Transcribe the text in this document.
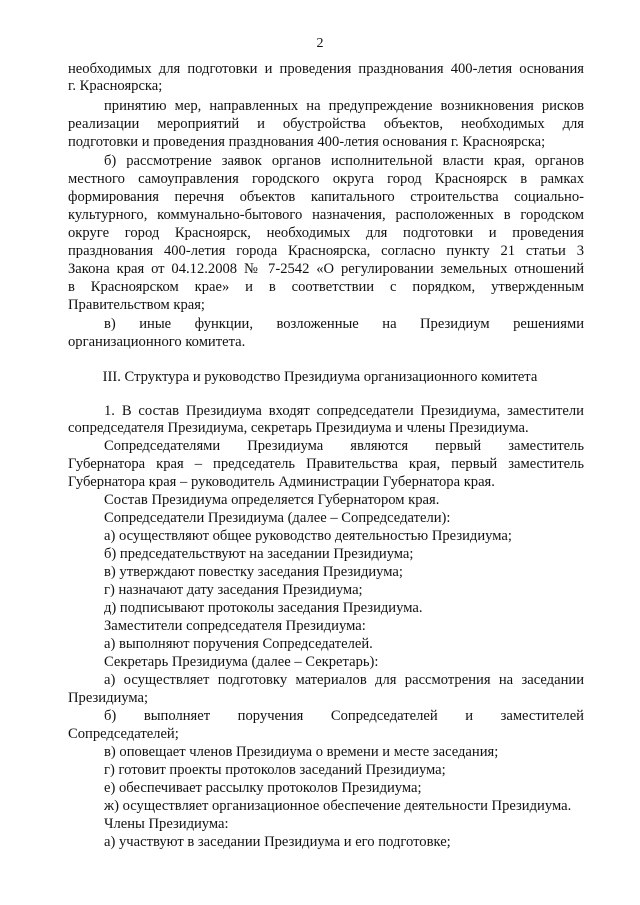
2
необходимых для подготовки и проведения празднования 400-летия основания
г. Красноярска;
принятию мер, направленных на предупреждение возникновения рисков
реализации мероприятий и обустройства объектов, необходимых для
подготовки и проведения празднования 400-летия основания г. Красноярска;
б) рассмотрение заявок органов исполнительной власти края, органов
местного самоуправления городского округа город Красноярск в рамках
формирования перечня объектов капитального строительства социально-
культурного, коммунально-бытового назначения, расположенных в городском
округе город Красноярск, необходимых для подготовки и проведения
празднования 400-летия города Красноярска, согласно пункту 21 статьи 3
Закона края от 04.12.2008 № 7-2542 «О регулировании земельных отношений
в Красноярском крае» и в соответствии с порядком, утвержденным
Правительством края;
в) иные функции, возложенные на Президиум решениями
организационного комитета.
III. Структура и руководство Президиума организационного комитета
1. В состав Президиума входят сопредседатели Президиума, заместители
сопредседателя Президиума, секретарь Президиума и члены Президиума.
Сопредседателями Президиума являются первый заместитель
Губернатора края – председатель Правительства края, первый заместитель
Губернатора края – руководитель Администрации Губернатора края.
Состав Президиума определяется Губернатором края.
Сопредседатели Президиума (далее – Сопредседатели):
а) осуществляют общее руководство деятельностью Президиума;
б) председательствуют на заседании Президиума;
в) утверждают повестку заседания Президиума;
г) назначают дату заседания Президиума;
д) подписывают протоколы заседания Президиума.
Заместители сопредседателя Президиума:
а) выполняют поручения Сопредседателей.
Секретарь Президиума (далее – Секретарь):
а) осуществляет подготовку материалов для рассмотрения на заседании
Президиума;
б) выполняет поручения Сопредседателей и заместителей
Сопредседателей;
в) оповещает членов Президиума о времени и месте заседания;
г) готовит проекты протоколов заседаний Президиума;
е) обеспечивает рассылку протоколов Президиума;
ж) осуществляет организационное обеспечение деятельности Президиума.
Члены Президиума:
а) участвуют в заседании Президиума и его подготовке;
